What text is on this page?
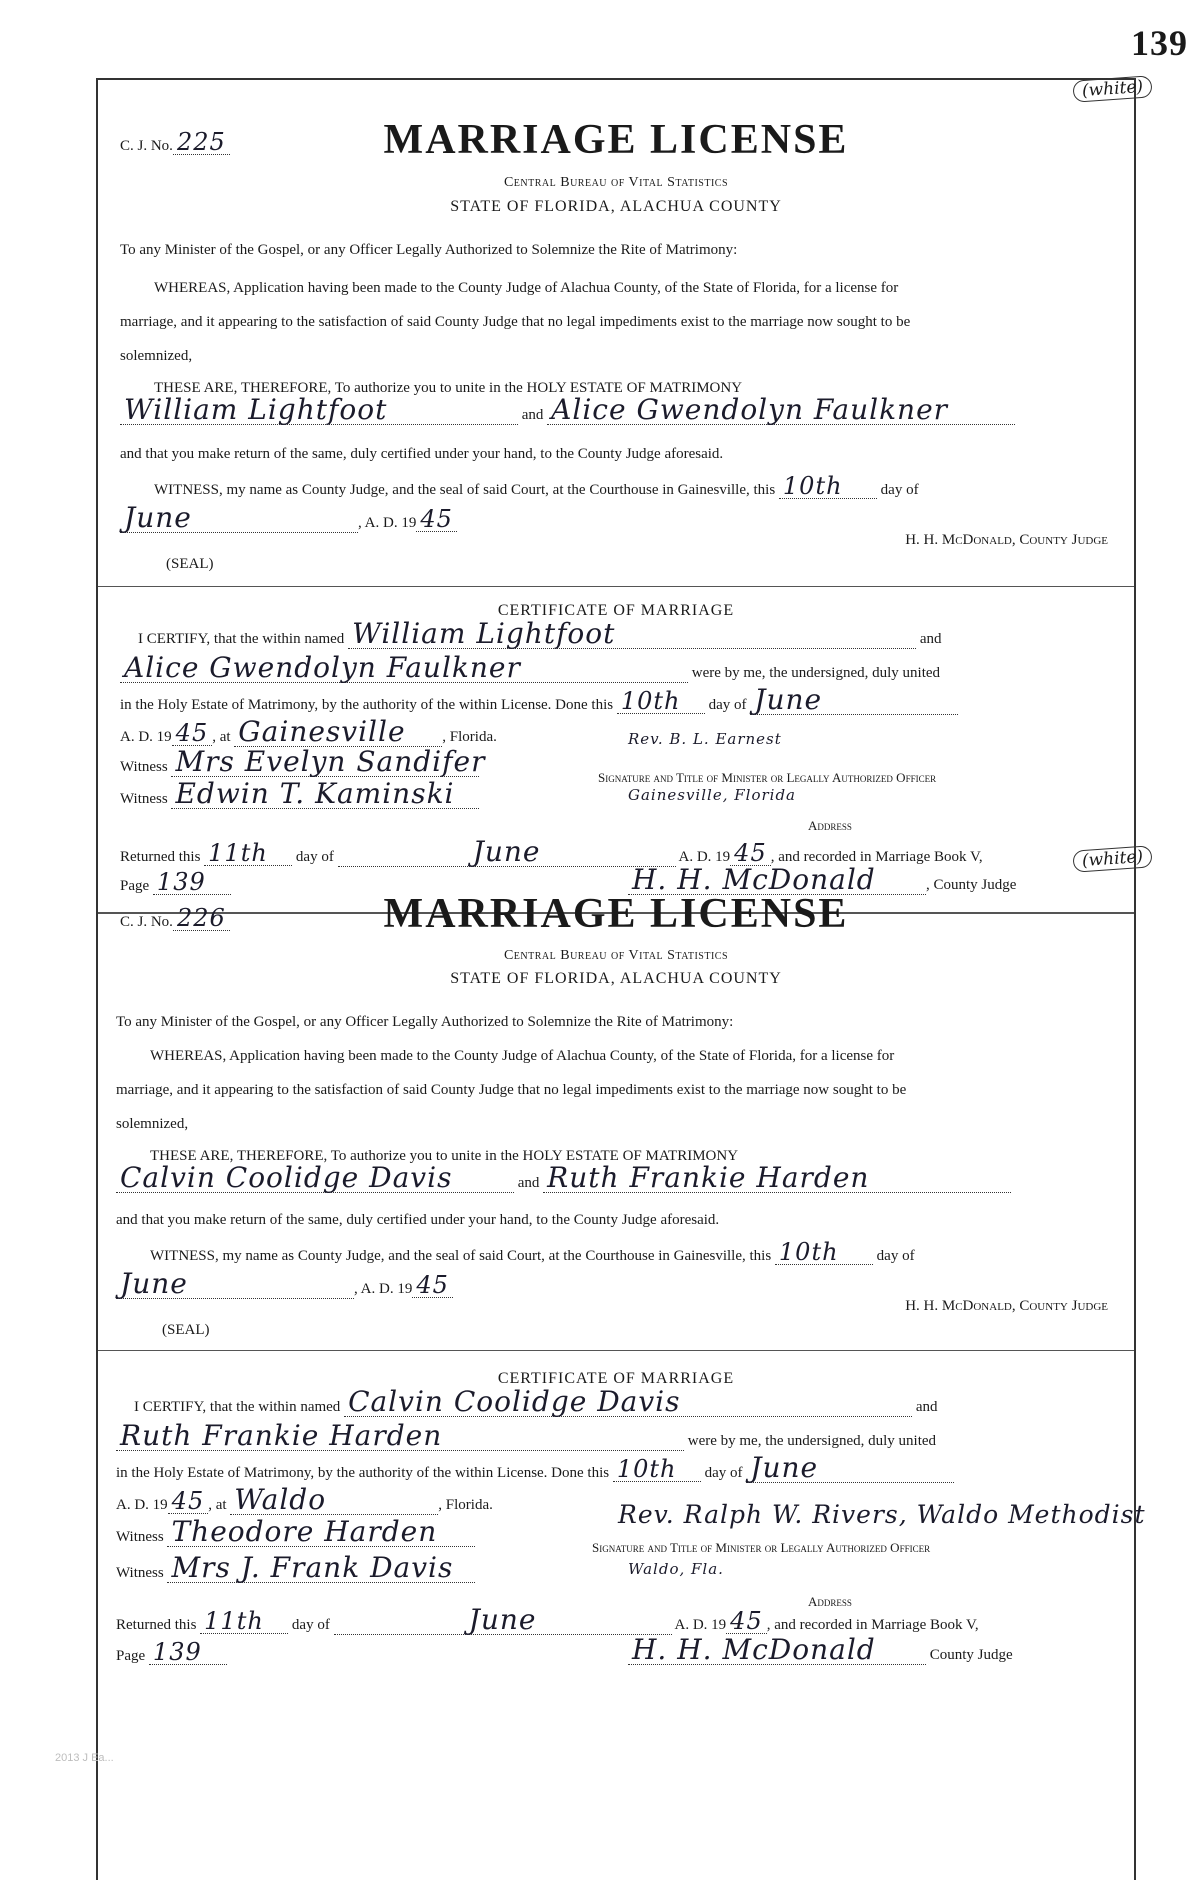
139
(white)
C. J. No. 225	MARRIAGE LICENSE
Central Bureau of Vital Statistics
STATE OF FLORIDA, ALACHUA COUNTY
To any Minister of the Gospel, or any Officer Legally Authorized to Solemnize the Rite of Matrimony:
WHEREAS, Application having been made to the County Judge of Alachua County, of the State of Florida, for a license for
marriage, and it appearing to the satisfaction of said County Judge that no legal impediments exist to the marriage now sought to be
solemnized,
THESE ARE, THEREFORE, To authorize you to unite in the HOLY ESTATE OF MATRIMONY
William Lightfoot	and Alice Gwendolyn Faulkner
and that you make return of the same, duly certified under your hand, to the County Judge aforesaid.
WITNESS, my name as County Judge, and the seal of said Court, at the Courthouse in Gainesville, this 10th	day of
June	, A. D. 19 45
H. H. McDonald, County Judge
(SEAL)
CERTIFICATE OF MARRIAGE
I CERTIFY, that the within named William Lightfoot	and
Alice Gwendolyn Faulkner	were by me, the undersigned, duly united
in the Holy Estate of Matrimony, by the authority of the within License. Done this 10th day of June
A. D. 19 45 , at Gainesville , Florida.
Witness Mrs Evelyn Sandifer
Witness Edwin T. Kaminski
Rev. B. L. Earnest
Signature and Title of Minister or Legally Authorized Officer
Gainesville, Florida
Address
Returned this 11th day of	June	A. D. 19 45 , and recorded in Marriage Book V,
Page 139	H. H. McDonald	, County Judge
(white)
C. J. No. 226	MARRIAGE LICENSE
Central Bureau of Vital Statistics
STATE OF FLORIDA, ALACHUA COUNTY
To any Minister of the Gospel, or any Officer Legally Authorized to Solemnize the Rite of Matrimony:
WHEREAS, Application having been made to the County Judge of Alachua County, of the State of Florida, for a license for
marriage, and it appearing to the satisfaction of said County Judge that no legal impediments exist to the marriage now sought to be
solemnized,
THESE ARE, THEREFORE, To authorize you to unite in the HOLY ESTATE OF MATRIMONY
Calvin Coolidge Davis	and Ruth Frankie Harden
and that you make return of the same, duly certified under your hand, to the County Judge aforesaid.
WITNESS, my name as County Judge, and the seal of said Court, at the Courthouse in Gainesville, this 10th	day of
June	, A. D. 19 45
H. H. McDonald, County Judge
(SEAL)
CERTIFICATE OF MARRIAGE
I CERTIFY, that the within named Calvin Coolidge Davis	and
Ruth Frankie Harden	were by me, the undersigned, duly united
in the Holy Estate of Matrimony, by the authority of the within License. Done this 10th day of June
A. D. 19 45 , at Waldo	, Florida.
Witness Theodore Harden
Witness Mrs J. Frank Davis
Rev. Ralph W. Rivers, Waldo Methodist
Signature and Title of Minister or Legally Authorized Officer
Waldo, Fla.
Address
Returned this 11th day of	June	A. D. 19 45 , and recorded in Marriage Book V,
Page 139	H. H. McDonald	County Judge
2013 J Ea...
